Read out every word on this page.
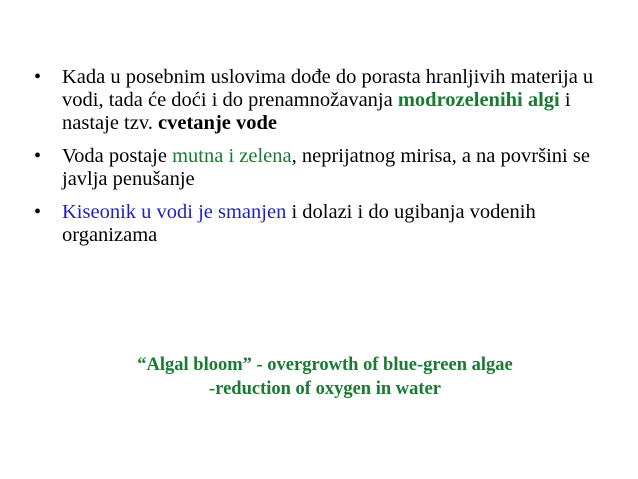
• Kada u posebnim uslovima dođe do porasta hranljivih materija u vodi, tada će doći i do prenamnožavanja modrozelenihi algi i nastaje tzv. cvetanje vode
• Voda postaje mutna i zelena, neprijatnog mirisa, a na površini se javlja penušanje
• Kiseonik u vodi je smanjen i dolazi i do ugibanja vodenih organizama
“Algal bloom” - overgrowth of blue-green algae
-reduction of oxygen in water
